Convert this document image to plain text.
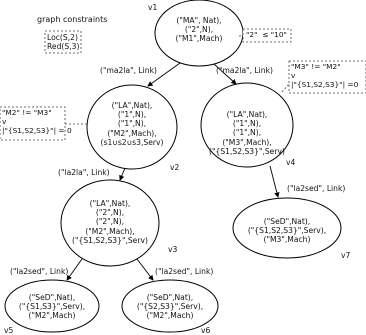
graph constraints
Loc(S,2)
Red(S,3)
("MA", Nat),
("2",N),
("M1",Mach)
v1
("LA",Nat),
("1",N),
("1",N),
("M2",Mach),
(s1∪s2∪s3,Serv)
v2
("LA",Nat),
("1",N),
("1",N),
("M3",Mach),
("{S1,S2,S3}",Serv)
v4
("LA",Nat),
("2",N),
("2",N),
("M2",Mach),
("{S1,S2,S3}",Serv)
v3
("SeD",Nat),
("{S1,S2,S3}",Serv),
("M3",Mach)
v7
("SeD",Nat),
("{S1,S3}",Serv),
("M2",Mach)
v5
("SeD",Nat),
("{S2,S3}",Serv),
("M2",Mach)
v6
("ma2la", Link)	("ma2la", Link)
("la2la", Link)
("la2sed", Link)
("la2sed", Link)	("la2sed", Link)
"2"  ≤ "10"
"M2" != "M3"
v
|"{S1,S2,S3}"| = 0
"M3" != "M2"
v
|"{S1,S2,S3}"| =0
